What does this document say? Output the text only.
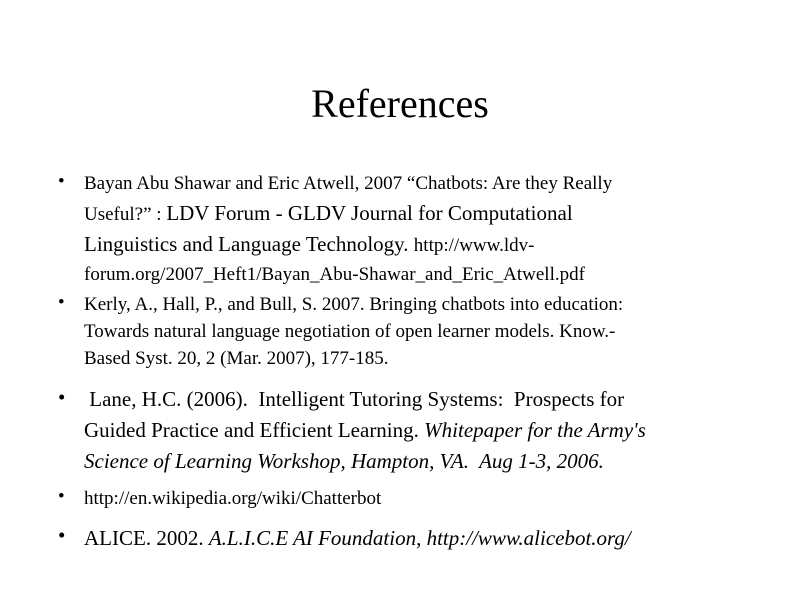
References
• Bayan Abu Shawar and Eric Atwell, 2007 “Chatbots: Are they Really
Useful?” : LDV Forum - GLDV Journal for Computational
Linguistics and Language Technology. http://www.ldv-
forum.org/2007_Heft1/Bayan_Abu-Shawar_and_Eric_Atwell.pdf
• Kerly, A., Hall, P., and Bull, S. 2007. Bringing chatbots into education:
Towards natural language negotiation of open learner models. Know.-
Based Syst. 20, 2 (Mar. 2007), 177-185.
• Lane, H.C. (2006).  Intelligent Tutoring Systems:  Prospects for
Guided Practice and Efficient Learning. Whitepaper for the Army's
Science of Learning Workshop, Hampton, VA.  Aug 1-3, 2006.
• http://en.wikipedia.org/wiki/Chatterbot
• ALICE. 2002. A.L.I.C.E AI Foundation, http://www.alicebot.org/
